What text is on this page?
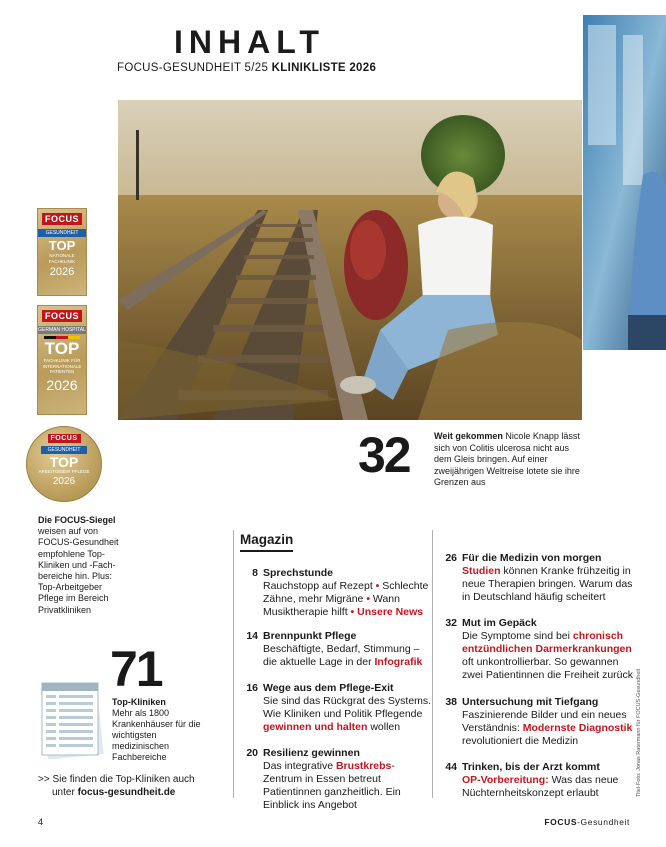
INHALT
FOCUS-GESUNDHEIT 5/25 KLINIKLISTE 2026
FOCUS
GESUNDHEIT
TOP
NATIONALE FACHKLINIK
2026
FOCUS
GERMAN HOSPITAL
TOP
FACHKLINIK FÜR INTERNATIONALE PATIENTEN
2026
FOCUS
GESUNDHEIT
TOP
ARBEITGEBER PFLEGE
2026	32	Weit gekommen Nicole Knapp lässt sich von Colitis ulcerosa nicht aus dem Gleis bringen. Auf einer zweijährigen Weltreise lotete sie ihre Grenzen aus
Die FOCUS-Siegel weisen auf von FOCUS-Gesundheit empfohlene Top-Kliniken und -Fachbereiche hin. Plus: Top-Arbeitgeber Pflege im Bereich Privatkliniken
71
Top-Kliniken
Mehr als 1800 Krankenhäuser für die wichtigsten medizinischen Fachbereiche
>> Sie finden die Top-Kliniken auch
unter focus-gesundheit.de
Magazin
8 Sprechstunde
Rauchstopp auf Rezept • Schlechte Zähne, mehr Migräne • Wann Musiktherapie hilft • Unsere News
14 Brennpunkt Pflege
Beschäftigte, Bedarf, Stimmung – die aktuelle Lage in der Infografik
16 Wege aus dem Pflege-Exit
Sie sind das Rückgrat des Systems. Wie Kliniken und Politik Pflegende gewinnen und halten wollen
20 Resilienz gewinnen
Das integrative Brustkrebs-Zentrum in Essen betreut Patientinnen ganzheitlich. Ein Einblick ins Angebot
26 Für die Medizin von morgen
Studien können Kranke frühzeitig in neue Therapien bringen. Warum das in Deutschland häufig scheitert
32 Mut im Gepäck
Die Symptome sind bei chronisch entzündlichen Darmerkrankungen oft unkontrollierbar. So gewannen zwei Patientinnen die Freiheit zurück
38 Untersuchung mit Tiefgang
Faszinierende Bilder und ein neues Verständnis: Modernste Diagnostik revolutioniert die Medizin
44 Trinken, bis der Arzt kommt
OP-Vorbereitung: Was das neue Nüchternheitskonzept erlaubt	Titel-Foto: Jonas Ratermann für FOCUS-Gesundheit
4	FOCUS-Gesundheit
